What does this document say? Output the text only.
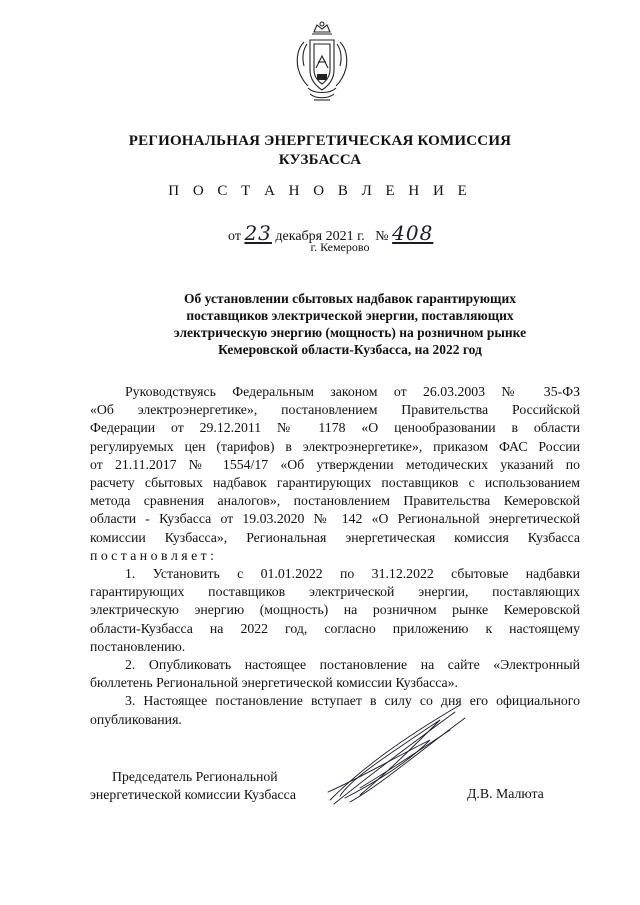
РЕГИОНАЛЬНАЯ ЭНЕРГЕТИЧЕСКАЯ КОМИССИЯ
КУЗБАССА
П О С Т А Н О В Л Е Н И Е
от 23 декабря 2021 г. № 408
г. Кемерово
Об установлении сбытовых надбавок гарантирующих
поставщиков электрической энергии, поставляющих
электрическую энергию (мощность) на розничном рынке
Кемеровской области-Кузбасса, на 2022 год
Руководствуясь Федеральным законом от 26.03.2003 № 35-ФЗ
«Об электроэнергетике», постановлением Правительства Российской
Федерации от 29.12.2011 № 1178 «О ценообразовании в области
регулируемых цен (тарифов) в электроэнергетике», приказом ФАС России
от 21.11.2017 № 1554/17 «Об утверждении методических указаний по
расчету сбытовых надбавок гарантирующих поставщиков с использованием
метода сравнения аналогов», постановлением Правительства Кемеровской
области - Кузбасса от 19.03.2020 № 142 «О Региональной энергетической
комиссии Кузбасса», Региональная энергетическая комиссия Кузбасса
п о с т а н о в л я е т :
1. Установить с 01.01.2022 по 31.12.2022 сбытовые надбавки
гарантирующих поставщиков электрической энергии, поставляющих
электрическую энергию (мощность) на розничном рынке Кемеровской
области-Кузбасса на 2022 год, согласно приложению к настоящему
постановлению.
2. Опубликовать настоящее постановление на сайте «Электронный
бюллетень Региональной энергетической комиссии Кузбасса».
3. Настоящее постановление вступает в силу со дня его официального
опубликования.
Председатель Региональной
энергетической комиссии Кузбасса	Д.В. Малюта
